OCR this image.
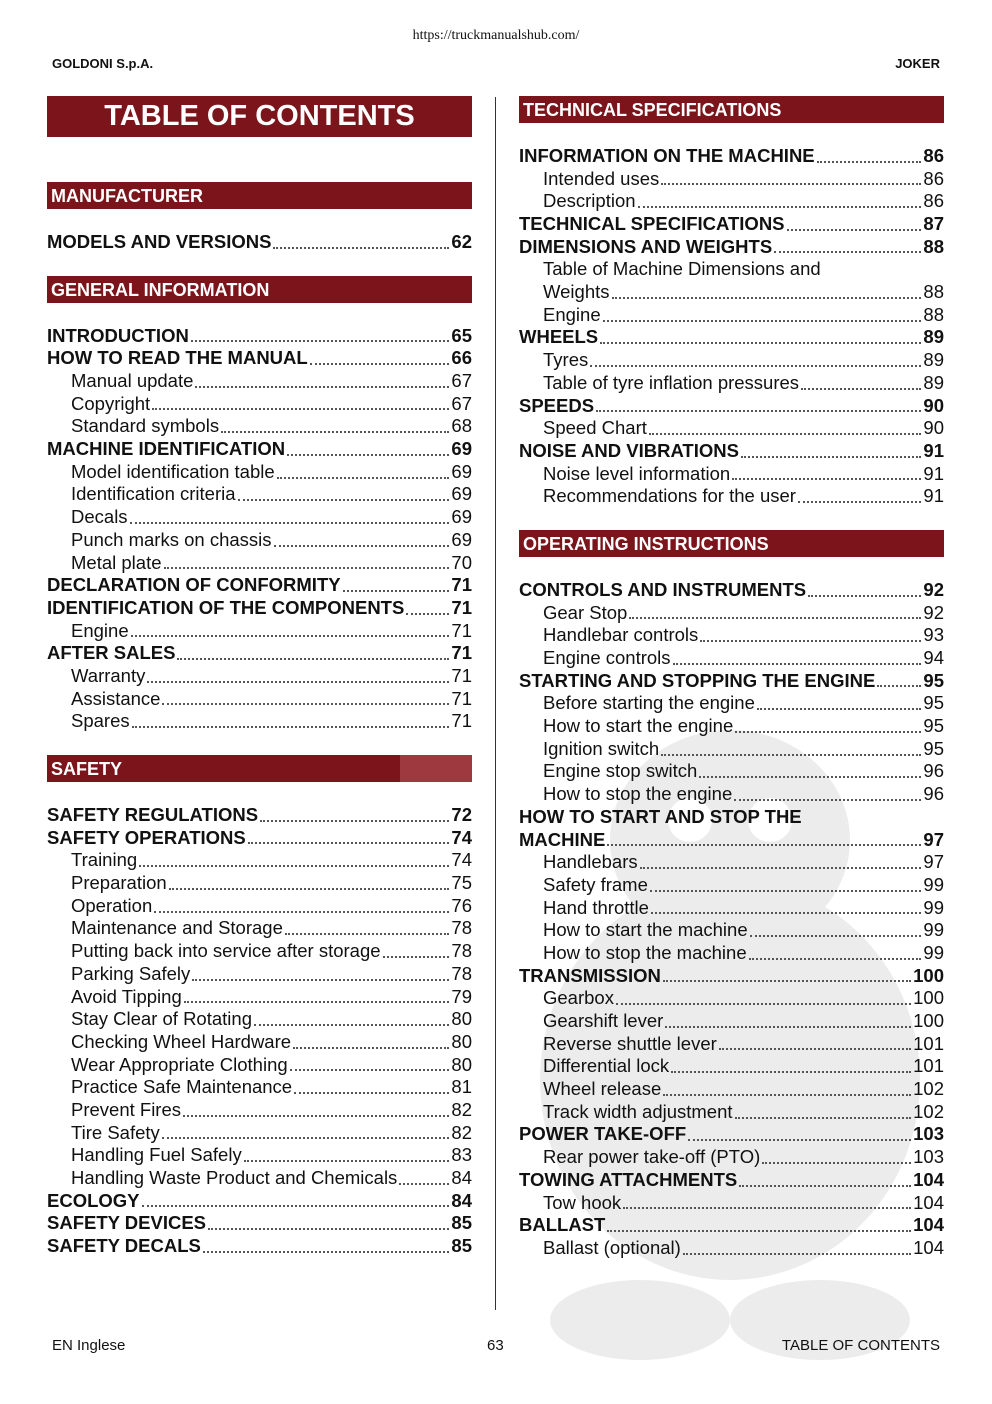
https://truckmanualshub.com/
GOLDONI S.p.A.	JOKER
TABLE OF CONTENTS
MANUFACTURER
MODELS AND VERSIONS	62
GENERAL INFORMATION
INTRODUCTION	65
HOW TO READ THE MANUAL	66
Manual update	67
Copyright	67
Standard symbols	68
MACHINE IDENTIFICATION	69
Model identification table	69
Identification criteria	69
Decals	69
Punch marks on chassis	69
Metal plate	70
DECLARATION OF CONFORMITY	71
IDENTIFICATION OF THE COMPONENTS	71
Engine	71
AFTER SALES	71
Warranty	71
Assistance	71
Spares	71
SAFETY
SAFETY REGULATIONS	72
SAFETY OPERATIONS	74
Training	74
Preparation	75
Operation	76
Maintenance and Storage	78
Putting back into service after storage	78
Parking Safely	78
Avoid Tipping	79
Stay Clear of Rotating	80
Checking Wheel Hardware	80
Wear Appropriate Clothing	80
Practice Safe Maintenance	81
Prevent Fires	82
Tire Safety	82
Handling Fuel Safely	83
Handling Waste Product and Chemicals	84
ECOLOGY	84
SAFETY DEVICES	85
SAFETY DECALS	85
TECHNICAL SPECIFICATIONS
INFORMATION ON THE MACHINE	86
Intended uses	86
Description	86
TECHNICAL SPECIFICATIONS	87
DIMENSIONS AND WEIGHTS	88
Table of Machine Dimensions and
Weights	88
Engine	88
WHEELS	89
Tyres	89
Table of tyre inflation pressures	89
SPEEDS	90
Speed Chart	90
NOISE AND VIBRATIONS	91
Noise level information	91
Recommendations for the user	91
OPERATING INSTRUCTIONS
CONTROLS AND INSTRUMENTS	92
Gear Stop	92
Handlebar controls	93
Engine controls	94
STARTING AND STOPPING THE ENGINE	95
Before starting the engine	95
How to start the engine	95
Ignition switch	95
Engine stop switch	96
How to stop the engine	96
HOW TO START AND STOP THE
MACHINE	97
Handlebars	97
Safety frame	99
Hand throttle	99
How to start the machine	99
How to stop the machine	99
TRANSMISSION	100
Gearbox	100
Gearshift lever	100
Reverse shuttle lever	101
Differential lock	101
Wheel release	102
Track width adjustment	102
POWER TAKE-OFF	103
Rear power take-off (PTO)	103
TOWING ATTACHMENTS	104
Tow hook	104
BALLAST	104
Ballast (optional)	104
EN Inglese	63	TABLE OF CONTENTS
